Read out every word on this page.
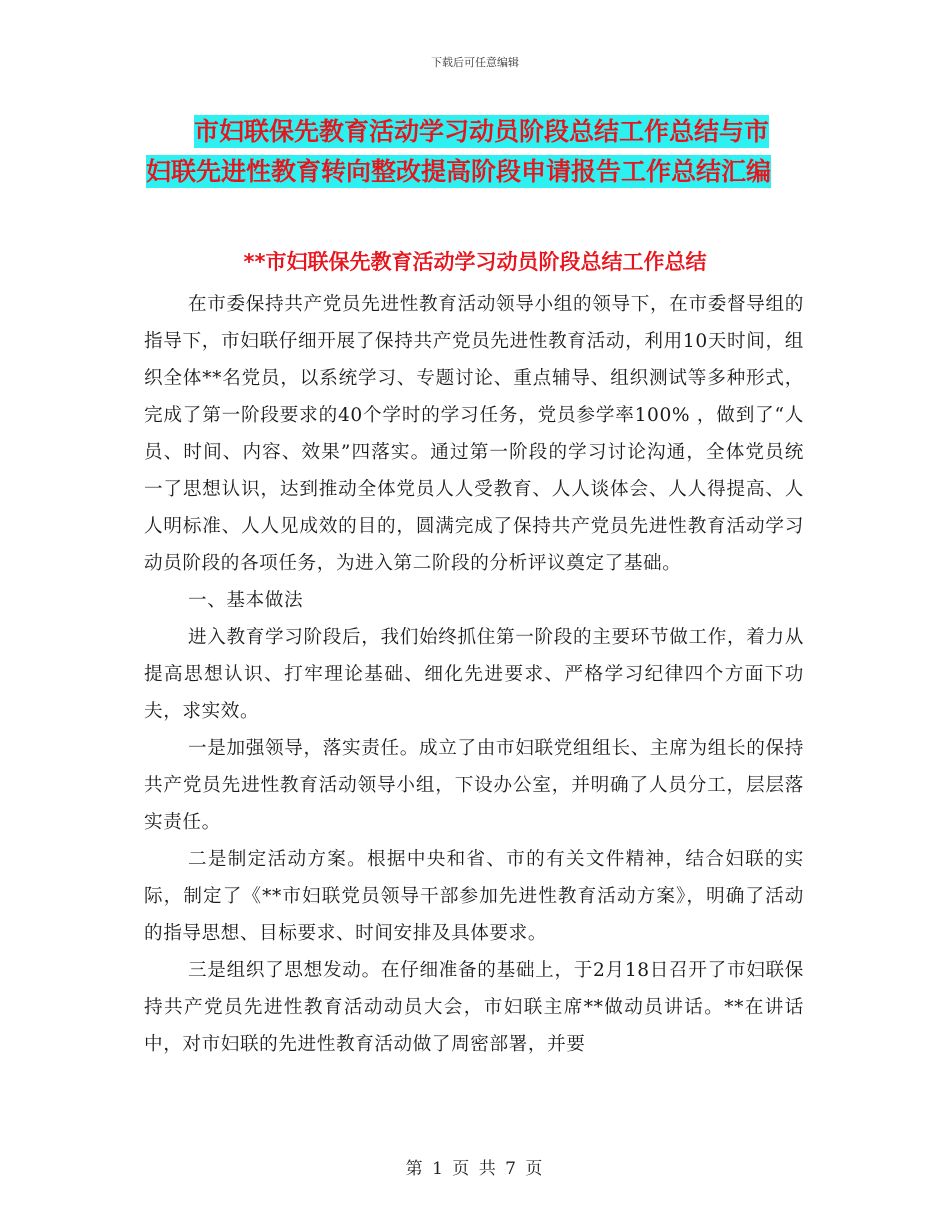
下载后可任意编辑
市妇联保先教育活动学习动员阶段总结工作总结与市
妇联先进性教育转向整改提高阶段申请报告工作总结汇编
**市妇联保先教育活动学习动员阶段总结工作总结

在市委保持共产党员先进性教育活动领导小组的领导下，在市委督导组的指导下，市妇联仔细开展了保持共产党员先进性教育活动，利用10天时间，组织全体**名党员，以系统学习、专题讨论、重点辅导、组织测试等多种形式，完成了第一阶段要求的40个学时的学习任务，党员参学率100% ，做到了“人员、时间、内容、效果”四落实。通过第一阶段的学习讨论沟通，全体党员统一了思想认识，达到推动全体党员人人受教育、人人谈体会、人人得提高、人人明标准、人人见成效的目的，圆满完成了保持共产党员先进性教育活动学习动员阶段的各项任务，为进入第二阶段的分析评议奠定了基础。

一、基本做法

进入教育学习阶段后，我们始终抓住第一阶段的主要环节做工作，着力从提高思想认识、打牢理论基础、细化先进要求、严格学习纪律四个方面下功夫，求实效。

一是加强领导，落实责任。成立了由市妇联党组组长、主席为组长的保持共产党员先进性教育活动领导小组，下设办公室，并明确了人员分工，层层落实责任。

二是制定活动方案。根据中央和省、市的有关文件精神，结合妇联的实际，制定了《**市妇联党员领导干部参加先进性教育活动方案》，明确了活动的指导思想、目标要求、时间安排及具体要求。

三是组织了思想发动。在仔细准备的基础上，于2月18日召开了市妇联保持共产党员先进性教育活动动员大会，市妇联主席**做动员讲话。**在讲话中，对市妇联的先进性教育活动做了周密部署，并要

第 1 页 共 7 页
